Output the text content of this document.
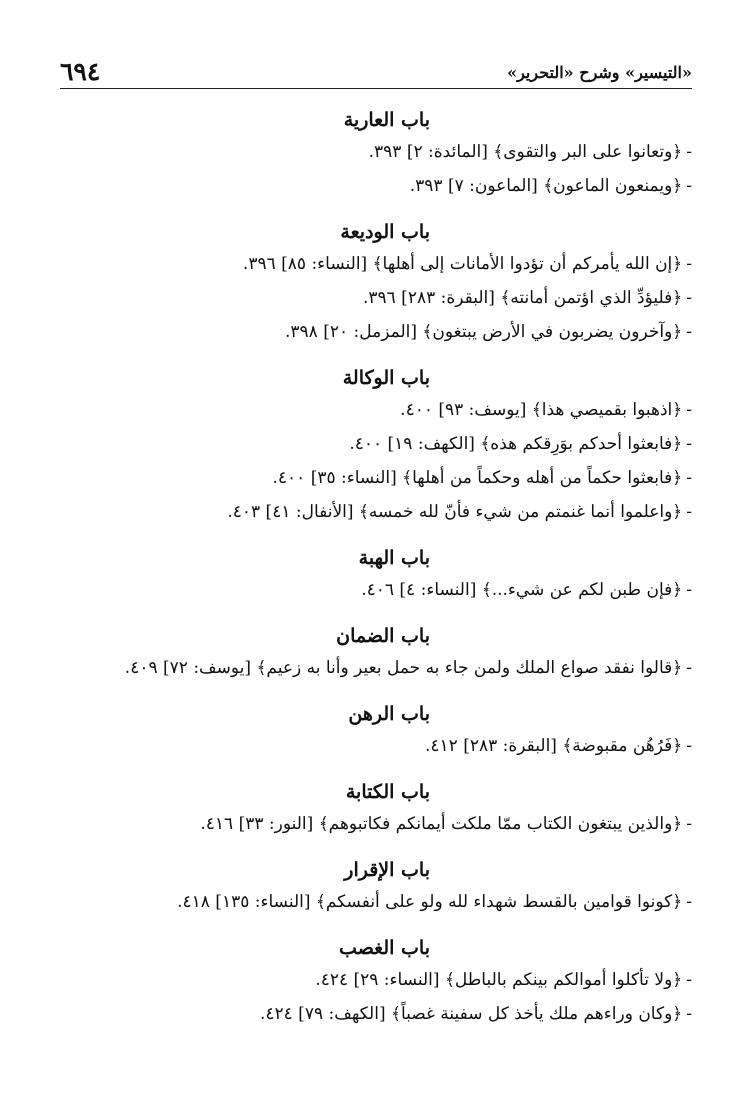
٦٩٤	«التيسير» وشرح «التحرير»
باب العارية
-﴿وتعانوا على البر والتقوى﴾ [المائدة: ٢] ٣٩٣.
-﴿ويمنعون الماعون﴾ [الماعون: ٧] ٣٩٣.
باب الوديعة
-﴿إن الله يأمركم أن تؤدوا الأمانات إلى أهلها﴾ [النساء: ٨٥] ٣٩٦.
-﴿فليؤدِّ الذي اؤتمن أمانته﴾ [البقرة: ٢٨٣] ٣٩٦.
-﴿وآخرون يضربون في الأرض يبتغون﴾ [المزمل: ٢٠] ٣٩٨.
باب الوكالة
-﴿اذهبوا بقميصي هذا﴾ [يوسف: ٩٣] ٤٠٠.
-﴿فابعثوا أحدكم بوَرِقكم هذه﴾ [الكهف: ١٩] ٤٠٠.
-﴿فابعثوا حكماً من أهله وحكماً من أهلها﴾ [النساء: ٣٥] ٤٠٠.
-﴿واعلموا أنما غنمتم من شيء فأنّ لله خمسه﴾ [الأنفال: ٤١] ٤٠٣.
باب الهبة
-﴿فإن طبن لكم عن شيء...﴾ [النساء: ٤] ٤٠٦.
باب الضمان
-﴿قالوا نفقد صواع الملك ولمن جاء به حمل بعير وأنا به زعيم﴾ [يوسف: ٧٢] ٤٠٩.
باب الرهن
-﴿فَرُهُن مقبوضة﴾ [البقرة: ٢٨٣] ٤١٢.
باب الكتابة
-﴿والذين يبتغون الكتاب ممّا ملكت أيمانكم فكاتبوهم﴾ [النور: ٣٣] ٤١٦.
باب الإقرار
-﴿كونوا قوامين بالقسط شهداء لله ولو على أنفسكم﴾ [النساء: ١٣٥] ٤١٨.
باب الغصب
-﴿ولا تأكلوا أموالكم بينكم بالباطل﴾ [النساء: ٢٩] ٤٢٤.
-﴿وكان وراءهم ملك يأخذ كل سفينة غصباً﴾ [الكهف: ٧٩] ٤٢٤.
